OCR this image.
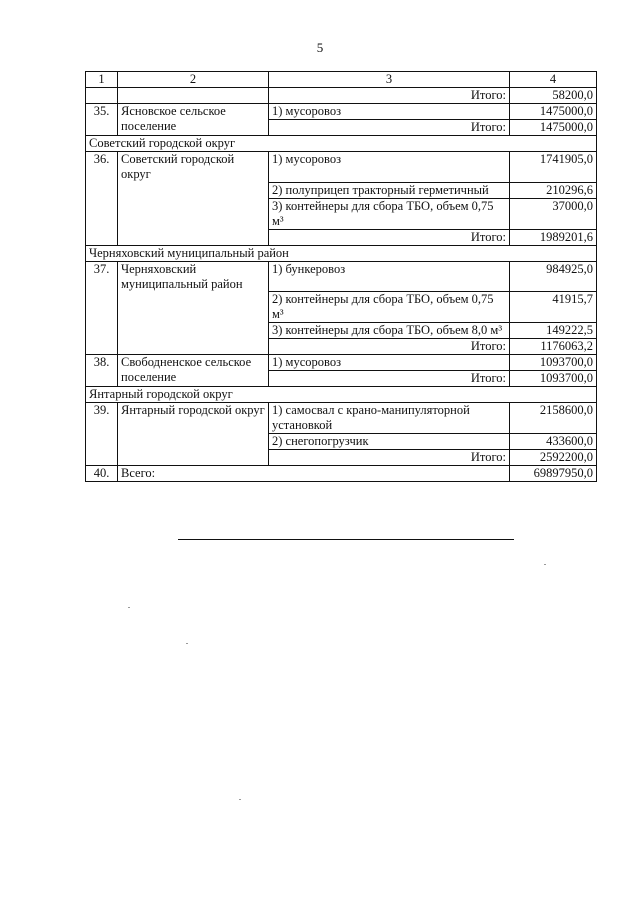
5
1	2	3	4
		Итого:	58200,0
35.	Ясновское сельское поселение	1) мусоровоз	1475000,0
		Итого:	1475000,0
Советский городской округ			
36.	Советский городской округ	1) мусоровоз	1741905,0
		2) полуприцеп тракторный герметичный	210296,6
		3) контейнеры для сбора ТБО, объем 0,75 м³	37000,0
		Итого:	1989201,6
Черняховский муниципальный район			
37.	Черняховский муниципальный район	1) бункеровоз	984925,0
		2) контейнеры для сбора ТБО, объем 0,75 м³	41915,7
		3) контейнеры для сбора ТБО, объем 8,0 м³	149222,5
		Итого:	1176063,2
38.	Свободненское сельское поселение	1) мусоровоз	1093700,0
		Итого:	1093700,0
Янтарный городской округ			
39.	Янтарный городской округ	1) самосвал с крано-манипуляторной установкой	2158600,0
		2) снегопогрузчик	433600,0
		Итого:	2592200,0
40.	Всего:		69897950,0
